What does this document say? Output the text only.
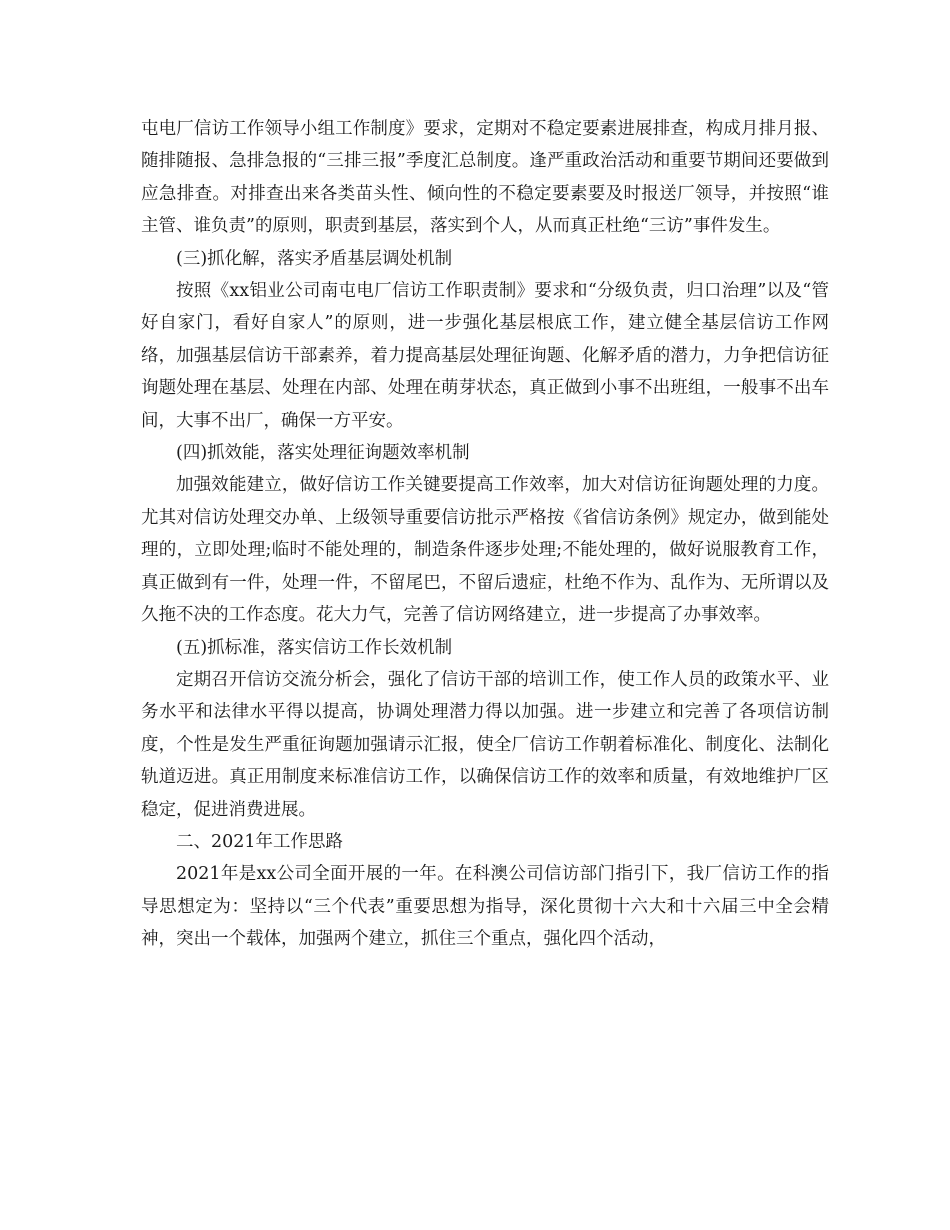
屯电厂信访工作领导小组工作制度》要求，定期对不稳定要素进展排查，构成月排月报、随排随报、急排急报的“三排三报”季度汇总制度。逢严重政治活动和重要节期间还要做到应急排查。对排查出来各类苗头性、倾向性的不稳定要素要及时报送厂领导，并按照“谁主管、谁负责”的原则，职责到基层，落实到个人，从而真正杜绝“三访”事件发生。

(三)抓化解，落实矛盾基层调处机制

按照《xx铝业公司南屯电厂信访工作职责制》要求和“分级负责，归口治理”以及“管好自家门，看好自家人”的原则，进一步强化基层根底工作，建立健全基层信访工作网络，加强基层信访干部素养，着力提高基层处理征询题、化解矛盾的潜力，力争把信访征询题处理在基层、处理在内部、处理在萌芽状态，真正做到小事不出班组，一般事不出车间，大事不出厂，确保一方平安。

(四)抓效能，落实处理征询题效率机制

加强效能建立，做好信访工作关键要提高工作效率，加大对信访征询题处理的力度。尤其对信访处理交办单、上级领导重要信访批示严格按《省信访条例》规定办，做到能处理的，立即处理;临时不能处理的，制造条件逐步处理;不能处理的，做好说服教育工作，真正做到有一件，处理一件，不留尾巴，不留后遗症，杜绝不作为、乱作为、无所谓以及久拖不决的工作态度。花大力气，完善了信访网络建立，进一步提高了办事效率。

(五)抓标准，落实信访工作长效机制

定期召开信访交流分析会，强化了信访干部的培训工作，使工作人员的政策水平、业务水平和法律水平得以提高，协调处理潜力得以加强。进一步建立和完善了各项信访制度，个性是发生严重征询题加强请示汇报，使全厂信访工作朝着标准化、制度化、法制化轨道迈进。真正用制度来标准信访工作，以确保信访工作的效率和质量，有效地维护厂区稳定，促进消费进展。

二、2021年工作思路

2021年是xx公司全面开展的一年。在科澳公司信访部门指引下，我厂信访工作的指导思想定为：坚持以“三个代表”重要思想为指导，深化贯彻十六大和十六届三中全会精神，突出一个载体，加强两个建立，抓住三个重点，强化四个活动，
